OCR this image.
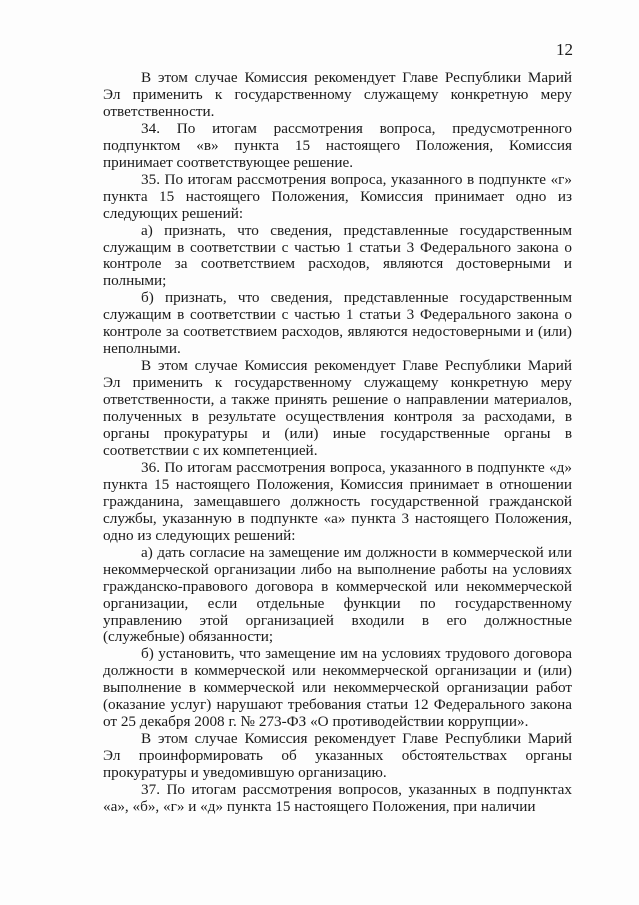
12

В этом случае Комиссия рекомендует Главе Республики Марий Эл применить к государственному служащему конкретную меру ответственности.

34. По итогам рассмотрения вопроса, предусмотренного подпунктом «в» пункта 15 настоящего Положения, Комиссия принимает соответствующее решение.

35. По итогам рассмотрения вопроса, указанного в подпункте «г» пункта 15 настоящего Положения, Комиссия принимает одно из следующих решений:

а) признать, что сведения, представленные государственным служащим в соответствии с частью 1 статьи 3 Федерального закона о контроле за соответствием расходов, являются достоверными и полными;

б) признать, что сведения, представленные государственным служащим в соответствии с частью 1 статьи 3 Федерального закона о контроле за соответствием расходов, являются недостоверными и (или) неполными.

В этом случае Комиссия рекомендует Главе Республики Марий Эл применить к государственному служащему конкретную меру ответственности, а также принять решение о направлении материалов, полученных в результате осуществления контроля за расходами, в органы прокуратуры и (или) иные государственные органы в соответствии с их компетенцией.

36. По итогам рассмотрения вопроса, указанного в подпункте «д» пункта 15 настоящего Положения, Комиссия принимает в отношении гражданина, замещавшего должность государственной гражданской службы, указанную в подпункте «а» пункта 3 настоящего Положения, одно из следующих решений:

а) дать согласие на замещение им должности в коммерческой или некоммерческой организации либо на выполнение работы на условиях гражданско-правового договора в коммерческой или некоммерческой организации, если отдельные функции по государственному управлению этой организацией входили в его должностные (служебные) обязанности;

б) установить, что замещение им на условиях трудового договора должности в коммерческой или некоммерческой организации и (или) выполнение в коммерческой или некоммерческой организации работ (оказание услуг) нарушают требования статьи 12 Федерального закона от 25 декабря 2008 г. № 273-ФЗ «О противодействии коррупции».

В этом случае Комиссия рекомендует Главе Республики Марий Эл проинформировать об указанных обстоятельствах органы прокуратуры и уведомившую организацию.

37. По итогам рассмотрения вопросов, указанных в подпунктах «а», «б», «г» и «д» пункта 15 настоящего Положения, при наличии
